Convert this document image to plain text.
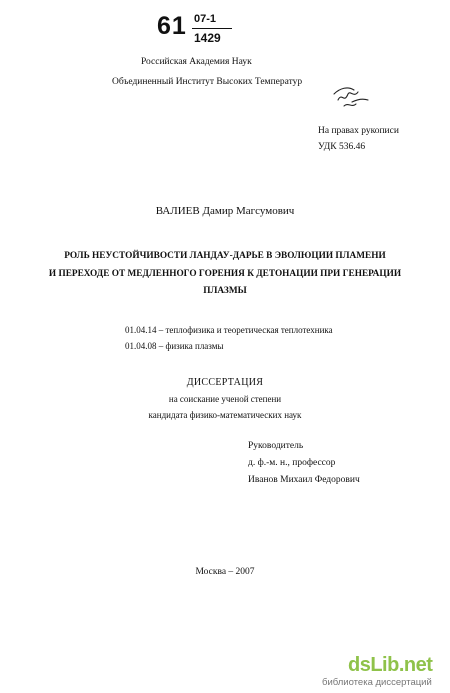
61 07-1
1429
Российская Академия Наук
Объединенный Институт Высоких Температур
На правах рукописи
УДК 536.46
ВАЛИЕВ Дамир Магсумович
РОЛЬ НЕУСТОЙЧИВОСТИ ЛАНДАУ-ДАРЬЕ В ЭВОЛЮЦИИ ПЛАМЕНИ
И ПЕРЕХОДЕ ОТ МЕДЛЕННОГО ГОРЕНИЯ К ДЕТОНАЦИИ ПРИ ГЕНЕРАЦИИ
ПЛАЗМЫ
01.04.14 – теплофизика и теоретическая теплотехника
01.04.08 – физика плазмы
ДИССЕРТАЦИЯ
на соискание ученой степени
кандидата физико-математических наук
Руководитель
д. ф.-м. н., профессор
Иванов Михаил Федорович
Москва – 2007
dsLib.net
библиотека диссертаций
